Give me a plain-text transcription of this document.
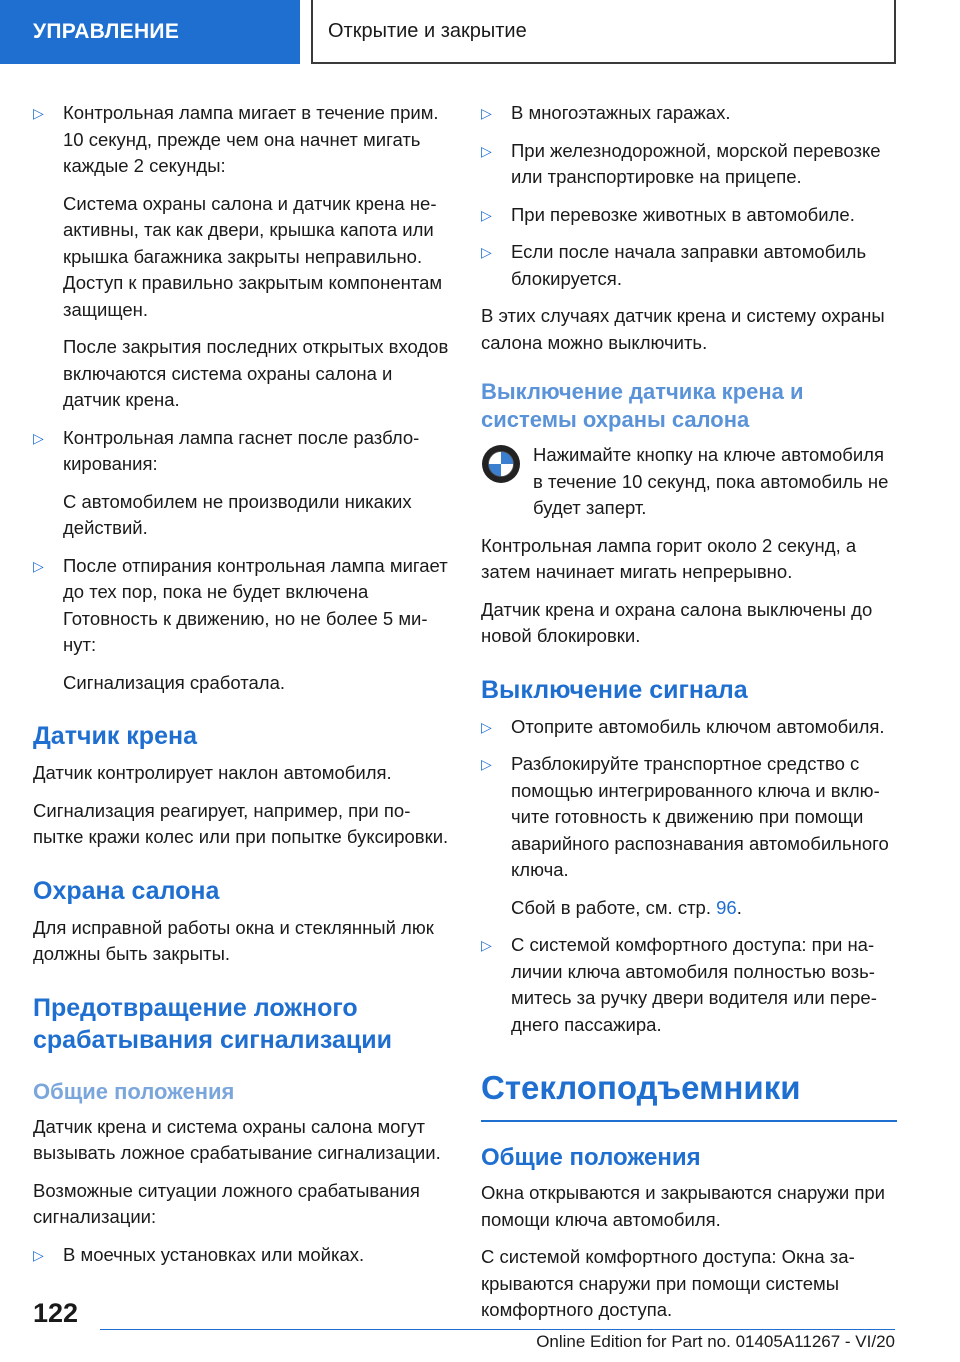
УПРАВЛЕНИЕ	Открытие и закрытие
▷	Контрольная лампа мигает в течение прим. 10 секунд, прежде чем она начнет мигать каждые 2 секунды:

Система охраны салона и датчик крена неактивны, так как двери, крышка капота или крышка багажника закрыты неправильно. Доступ к правильно закрытым компонентам защищен.

После закрытия последних открытых входов включаются система охраны салона и датчик крена.

▷	Контрольная лампа гаснет после разблокирования:

С автомобилем не производили никаких действий.

▷	После отпирания контрольная лампа мигает до тех пор, пока не будет включена Готовность к движению, но не более 5 минут:

Сигнализация сработала.

Датчик крена

Датчик контролирует наклон автомобиля.

Сигнализация реагирует, например, при попытке кражи колес или при попытке буксировки.

Охрана салона

Для исправной работы окна и стеклянный люк должны быть закрыты.

Предотвращение ложного срабатывания сигнализации
Общие положения

Датчик крена и система охраны салона могут вызывать ложное срабатывание сигнализации.

Возможные ситуации ложного срабатывания сигнализации:

▷	В моечных установках или мойках.

▷	В многоэтажных гаражах.

▷	При железнодорожной, морской перевозке или транспортировке на прицепе.

▷	При перевозке животных в автомобиле.

▷	Если после начала заправки автомобиль блокируется.

В этих случаях датчик крена и систему охраны салона можно выключить.

Выключение датчика крена и системы охраны салона

Нажимайте кнопку на ключе автомобиля в течение 10 секунд, пока автомобиль не будет заперт.

Контрольная лампа горит около 2 секунд, а затем начинает мигать непрерывно.

Датчик крена и охрана салона выключены до новой блокировки.

Выключение сигнала
▷	Отоприте автомобиль ключом автомобиля.

▷	Разблокируйте транспортное средство с помощью интегрированного ключа и включите готовность к движению при помощи аварийного распознавания автомобильного ключа.

Сбой в работе, см. стр. 96.

▷	С системой комфортного доступа: при наличии ключа автомобиля полностью возьмитесь за ручку двери водителя или переднего пассажира.

Стеклоподъемники
Общие положения

Окна открываются и закрываются снаружи при помощи ключа автомобиля.

С системой комфортного доступа: Окна закрываются снаружи при помощи системы комфортного доступа.

122
Online Edition for Part no. 01405A11267 - VI/20
